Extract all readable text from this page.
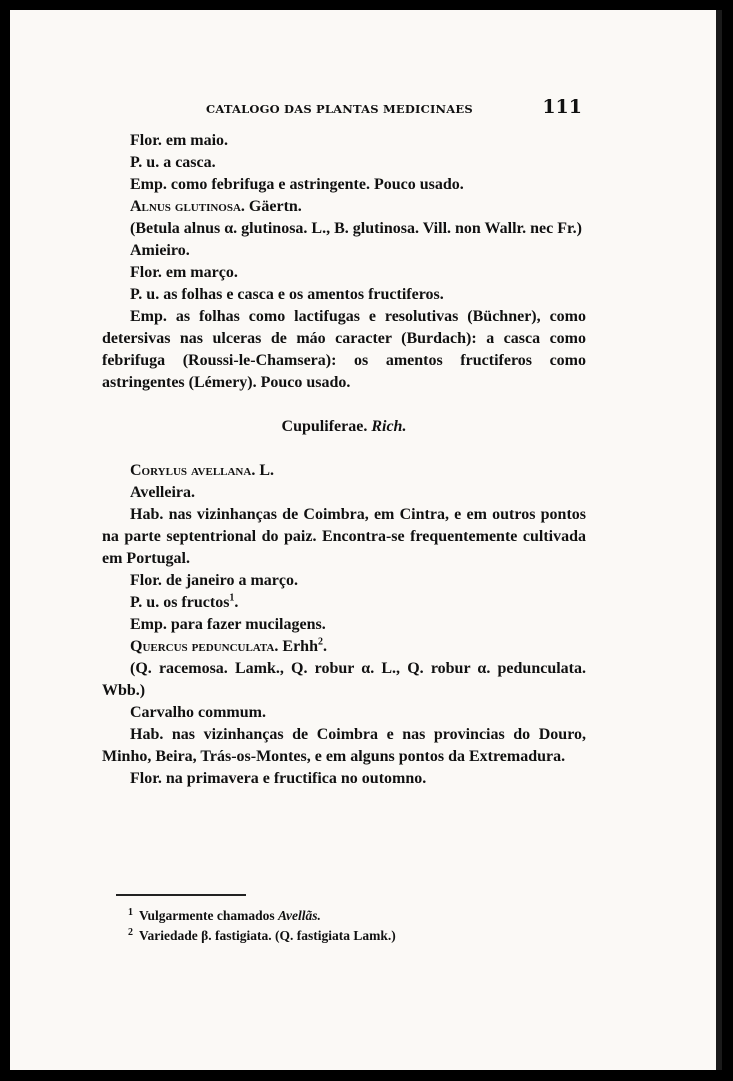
CATALOGO DAS PLANTAS MEDICINAES	111

Flor. em maio.

P. u. a casca.

Emp. como febrifuga e astringente. Pouco usado.

Alnus glutinosa. Gäertn.

(Betula alnus α. glutinosa. L., B. glutinosa. Vill. non Wallr. nec Fr.)

Amieiro.

Flor. em março.

P. u. as folhas e casca e os amentos fructiferos.

Emp. as folhas como lactifugas e resolutivas (Büchner), como detersivas nas ulceras de máo caracter (Burdach): a casca como febrifuga (Roussi-le-Chamsera): os amentos fructiferos como astringentes (Lémery). Pouco usado.

Cupuliferae. Rich.

Corylus avellana. L.

Avelleira.

Hab. nas vizinhanças de Coimbra, em Cintra, e em outros pontos na parte septentrional do paiz. Encontra-se frequentemente cultivada em Portugal.

Flor. de janeiro a março.

P. u. os fructos$^1$.

Emp. para fazer mucilagens.

Quercus pedunculata. Erhh$^2$.

(Q. racemosa. Lamk., Q. robur α. L., Q. robur α. pedunculata. Wbb.)

Carvalho commum.

Hab. nas vizinhanças de Coimbra e nas provincias do Douro, Minho, Beira, Trás-os-Montes, e em alguns pontos da Extremadura.

Flor. na primavera e fructifica no outomno.

$^1$ Vulgarmente chamados Avellãs.

$^2$ Variedade β. fastigiata. (Q. fastigiata Lamk.)
